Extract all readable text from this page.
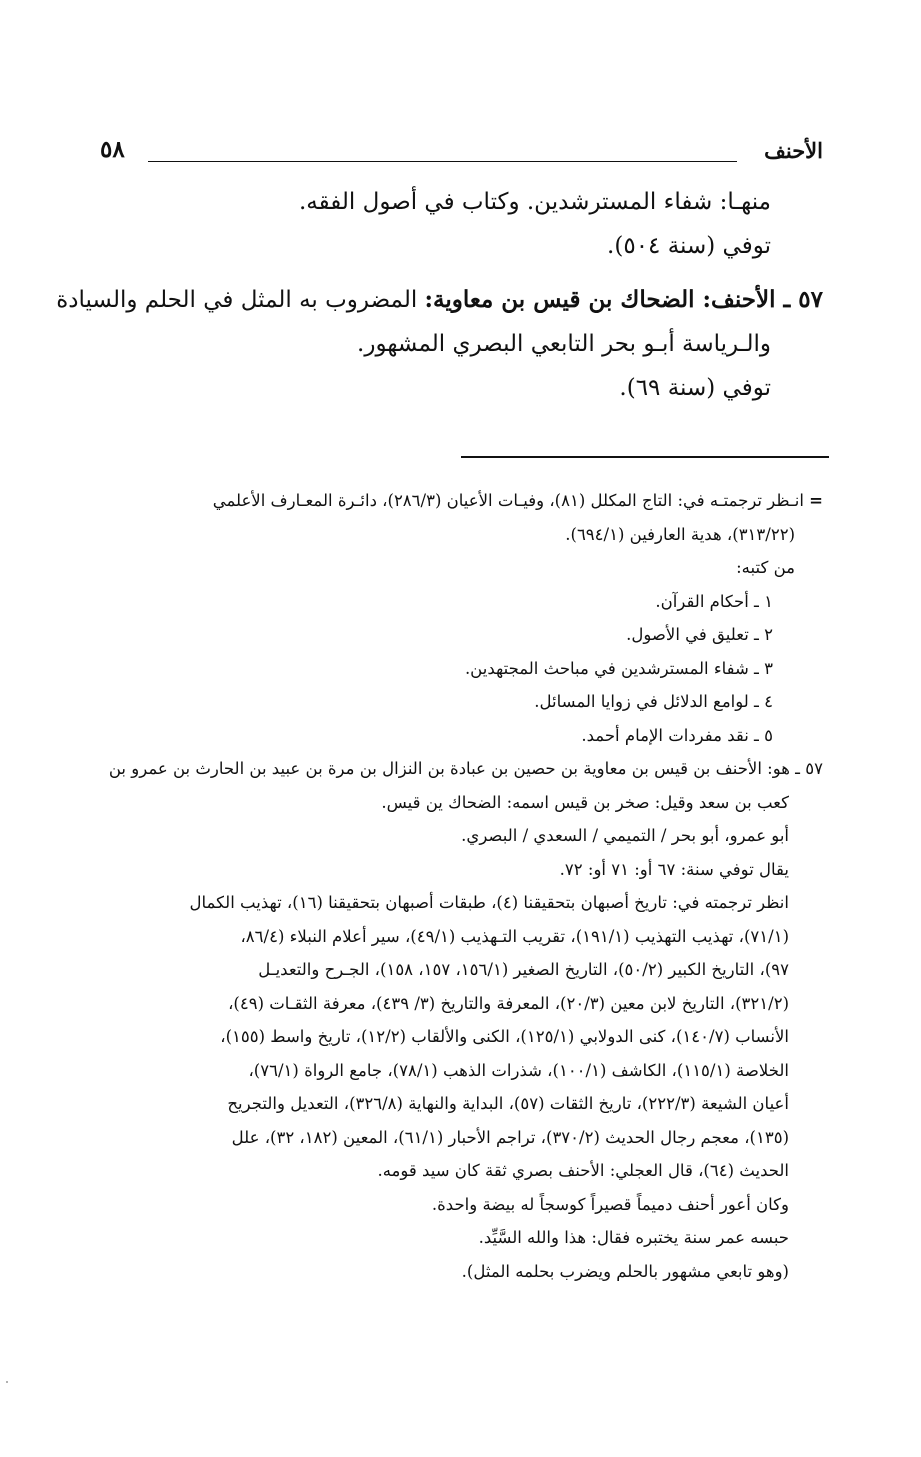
الأحنف
٥٨
منهـا: شفاء المسترشدين. وكتاب في أصول الفقه.
توفي (سنة ٥٠٤).
٥٧ ـ الأحنف: الضحاك بن قيس بن معاوية: المضروب به المثل في الحلم والسيادة
والـرياسة أبـو بحر التابعي البصري المشهور.
توفي (سنة ٦٩).
= انـظر ترجمتـه في: التاج المكلل (٨١)، وفيـات الأعيان (٢٨٦/٣)، دائـرة المعـارف الأعلمي
(٣١٣/٢٢)، هدية العارفين (٦٩٤/١).
من كتبه:
١ ـ أحكام القرآن.
٢ ـ تعليق في الأصول.
٣ ـ شفاء المسترشدين في مباحث المجتهدين.
٤ ـ لوامع الدلائل في زوايا المسائل.
٥ ـ نقد مفردات الإمام أحمد.
٥٧ ـ هو: الأحنف بن قيس بن معاوية بن حصين بن عبادة بن النزال بن مرة بن عبيد بن الحارث بن عمرو بن
كعب بن سعد وقيل: صخر بن قيس اسمه: الضحاك ين قيس.
أبو عمرو، أبو بحر / التميمي / السعدي / البصري.
يقال توفي سنة: ٦٧ أو: ٧١ أو: ٧٢.
انظر ترجمته في: تاريخ أصبهان بتحقيقنا (٤)، طبقات أصبهان بتحقيقنا (١٦)، تهذيب الكمال
(٧١/١)، تهذيب التهذيب (١٩١/١)، تقريب التـهذيب (٤٩/١)، سير أعلام النبلاء (٨٦/٤،
٩٧)، التاريخ الكبير (٥٠/٢)، التاريخ الصغير (١٥٦/١، ١٥٧، ١٥٨)، الجـرح والتعديـل
(٣٢١/٢)، التاريخ لابن معين (٢٠/٣)، المعرفة والتاريخ (٣/ ٤٣٩)، معرفة الثقـات (٤٩)،
الأنساب (١٤٠/٧)، كنى الدولابي (١٢٥/١)، الكنى والألقاب (١٢/٢)، تاريخ واسط (١٥٥)،
الخلاصة (١١٥/١)، الكاشف (١٠٠/١)، شذرات الذهب (٧٨/١)، جامع الرواة (٧٦/١)،
أعيان الشيعة (٢٢٢/٣)، تاريخ الثقات (٥٧)، البداية والنهاية (٣٢٦/٨)، التعديل والتجريح
(١٣٥)، معجم رجال الحديث (٣٧٠/٢)، تراجم الأحبار (٦١/١)، المعين (١٨٢، ٣٢)، علل
الحديث (٦٤)، قال العجلي: الأحنف بصري ثقة كان سيد قومه.
وكان أعور أحنف دميماً قصيراً كوسجاً له بيضة واحدة.
حبسه عمر سنة يختبره فقال: هذا والله السَّيِّد.
(وهو تابعي مشهور بالحلم ويضرب بحلمه المثل).
